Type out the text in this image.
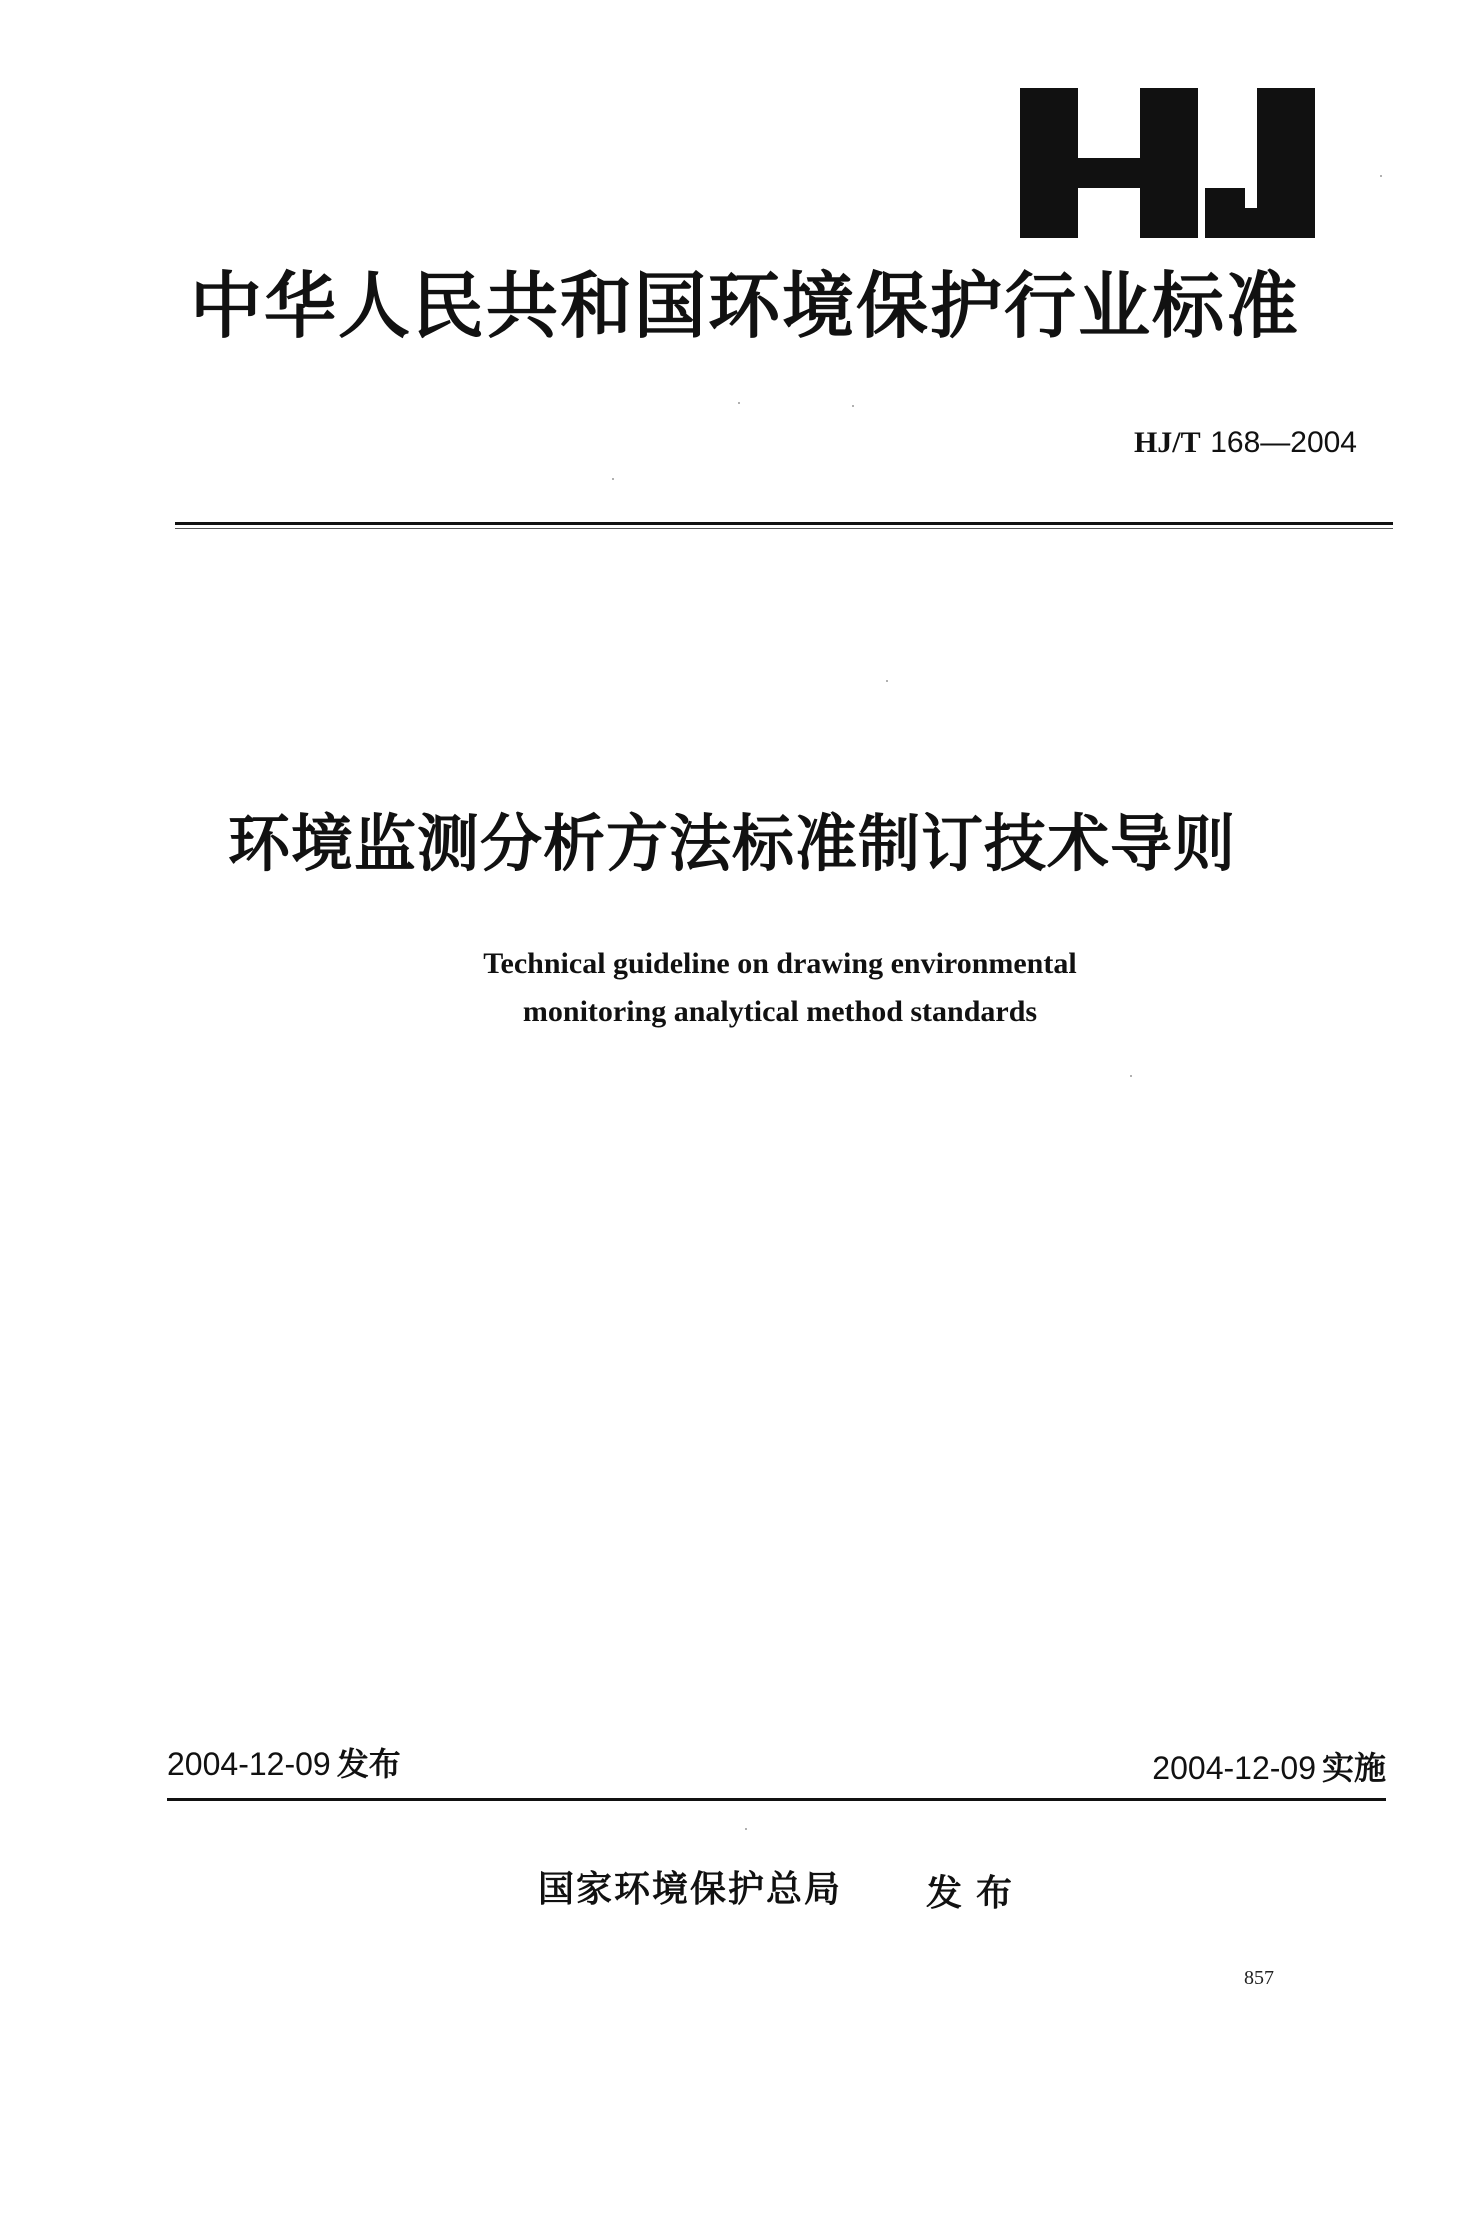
中华人民共和国环境保护行业标准
HJ/T 168—2004
环境监测分析方法标准制订技术导则
Technical guideline on drawing environmental
monitoring analytical method standards
2004-12-09 发布	2004-12-09 实施
国家环境保护总局 发布
857
